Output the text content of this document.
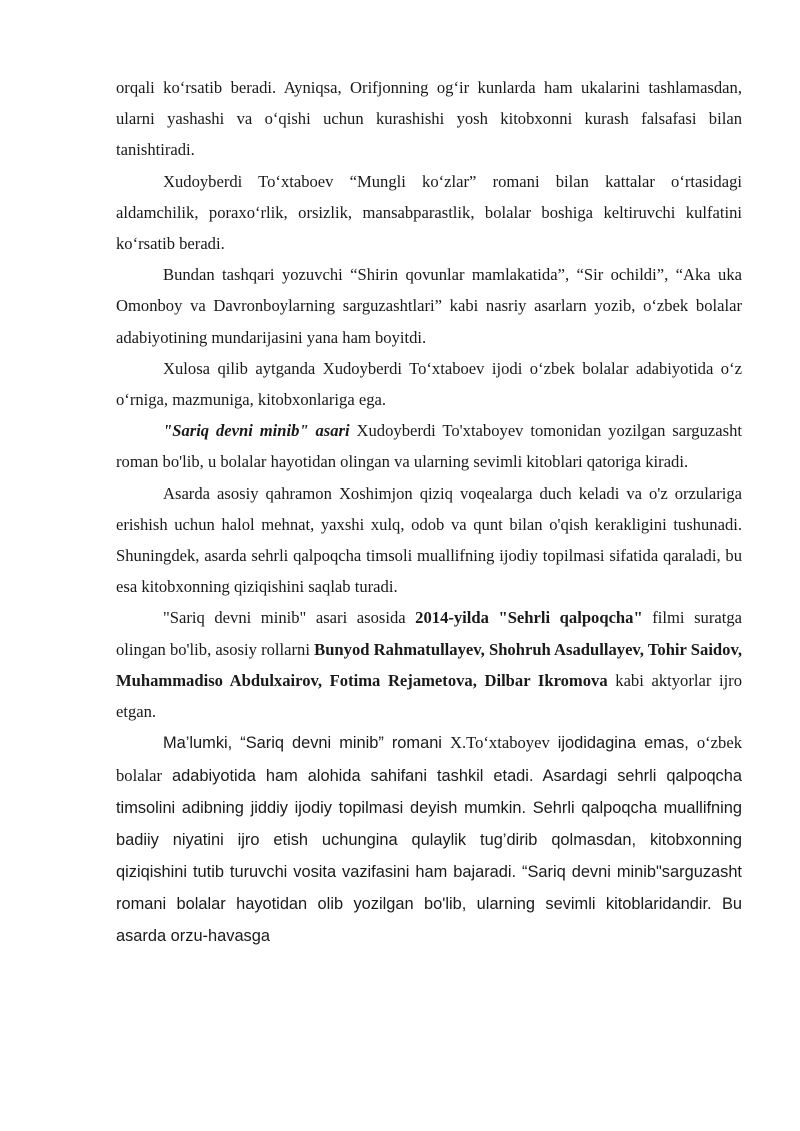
orqali ko‘rsatib beradi. Ayniqsa, Orifjonning og‘ir kunlarda ham ukalarini tashlamasdan, ularni yashashi va o‘qishi uchun kurashishi yosh kitobxonni kurash falsafasi bilan tanishtiradi.

Xudoyberdi To‘xtaboev “Mungli ko‘zlar” romani bilan kattalar o‘rtasidagi aldamchilik, poraxo‘rlik, orsizlik, mansabparastlik, bolalar boshiga keltiruvchi kulfatini ko‘rsatib beradi.

Bundan tashqari yozuvchi “Shirin qovunlar mamlakatida”, “Sir ochildi”, “Aka uka Omonboy va Davronboylarning sarguzashtlari” kabi nasriy asarlarn yozib, o‘zbek bolalar adabiyotining mundarijasini yana ham boyitdi.

Xulosa qilib aytganda Xudoyberdi To‘xtaboev ijodi o‘zbek bolalar adabiyotida o‘z o‘rniga, mazmuniga, kitobxonlariga ega.

"Sariq devni minib" asari Xudoyberdi To'xtaboyev tomonidan yozilgan sarguzasht roman bo'lib, u bolalar hayotidan olingan va ularning sevimli kitoblari qatoriga kiradi.

Asarda asosiy qahramon Xoshimjon qiziq voqealarga duch keladi va o'z orzulariga erishish uchun halol mehnat, yaxshi xulq, odob va qunt bilan o'qish kerakligini tushunadi. Shuningdek, asarda sehrli qalpoqcha timsoli muallifning ijodiy topilmasi sifatida qaraladi, bu esa kitobxonning qiziqishini saqlab turadi.

"Sariq devni minib" asari asosida 2014-yilda "Sehrli qalpoqcha" filmi suratga olingan bo'lib, asosiy rollarni Bunyod Rahmatullayev, Shohruh Asadullayev, Tohir Saidov, Muhammadiso Abdulxairov, Fotima Rejametova, Dilbar Ikromova kabi aktyorlar ijro etgan.

Ma’lumki, “Sariq devni minib” romani X.To‘xtaboyev ijodidagina emas, o‘zbek bolalar adabiyotida ham alohida sahifani tashkil etadi. Asardagi sehrli qalpoqcha timsolini adibning jiddiy ijodiy topilmasi deyish mumkin. Sehrli qalpoqcha muallifning badiiy niyatini ijro etish uchungina qulaylik tug’dirib qolmasdan, kitobxonning qiziqishini tutib turuvchi vosita vazifasini ham bajaradi. “Sariq devni minib"sarguzasht romani bolalar hayotidan olib yozilgan bo'lib, ularning sevimli kitoblaridandir. Bu asarda orzu-havasga
